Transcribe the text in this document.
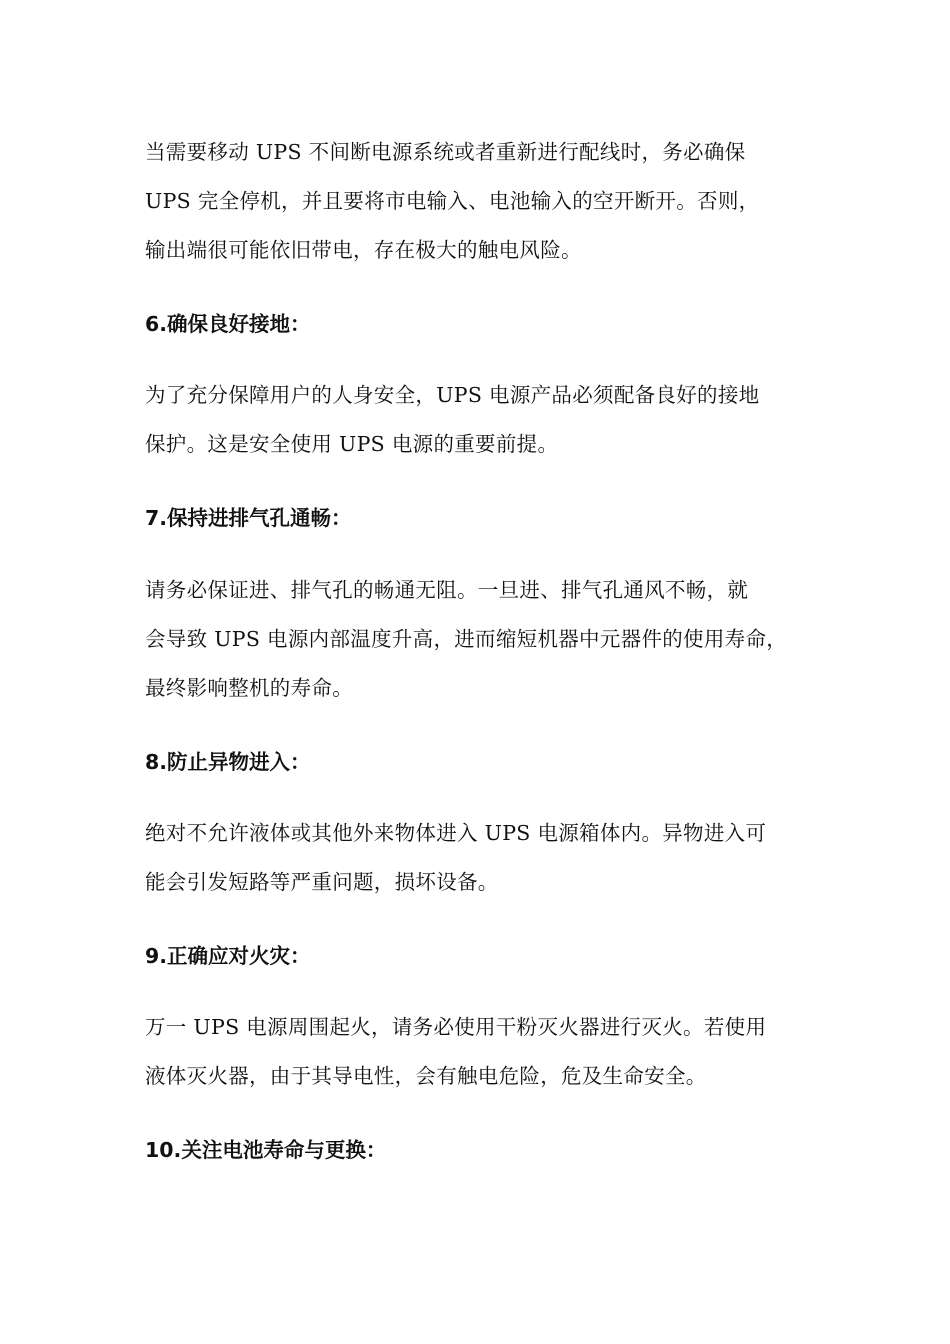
当需要移动 UPS 不间断电源系统或者重新进行配线时，务必确保
UPS 完全停机，并且要将市电输入、电池输入的空开断开。否则，
输出端很可能依旧带电，存在极大的触电风险。
6.确保良好接地：
为了充分保障用户的人身安全，UPS 电源产品必须配备良好的接地
保护。这是安全使用 UPS 电源的重要前提。
7.保持进排气孔通畅：
请务必保证进、排气孔的畅通无阻。一旦进、排气孔通风不畅，就
会导致 UPS 电源内部温度升高，进而缩短机器中元器件的使用寿命，
最终影响整机的寿命。
8.防止异物进入：
绝对不允许液体或其他外来物体进入 UPS 电源箱体内。异物进入可
能会引发短路等严重问题，损坏设备。
9.正确应对火灾：
万一 UPS 电源周围起火，请务必使用干粉灭火器进行灭火。若使用
液体灭火器，由于其导电性，会有触电危险，危及生命安全。
10.关注电池寿命与更换：
